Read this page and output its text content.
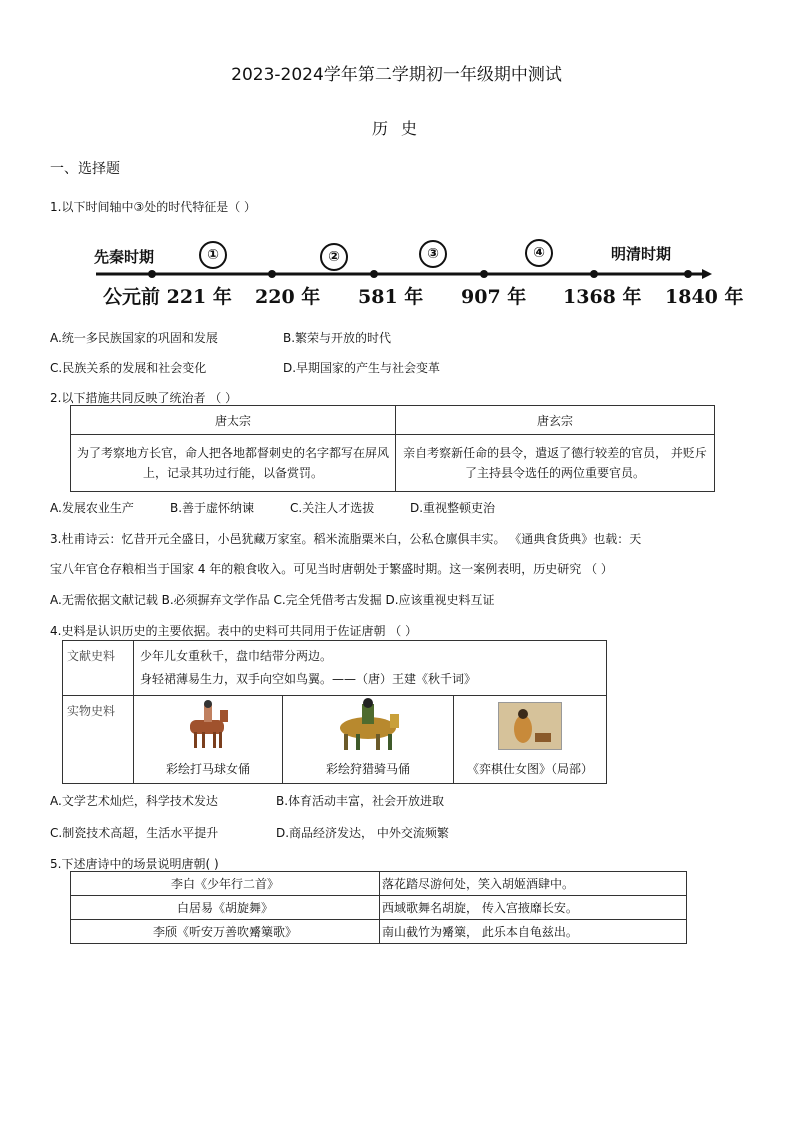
2023-2024学年第二学期初一年级期中测试
历 史
一、选择题
1.以下时间轴中③处的时代特征是（ ）
先秦时期	①	②	③	④	明清时期
公元前 221 年 220 年 581 年 907 年 1368 年 1840 年
A.统一多民族国家的巩固和发展	B.繁荣与开放的时代
C.民族关系的发展和社会变化	D.早期国家的产生与社会变革
2.以下措施共同反映了统治者 （ ）
唐太宗	唐玄宗
为了考察地方长官，命人把各地都督刺史的名字都写在屏风上，记录其功过行能，以备赏罚。	亲自考察新任命的县令，遣返了德行较差的官员， 并贬斥了主持县令选任的两位重要官员。
A.发展农业生产	B.善于虚怀纳谏	C.关注人才选拔	D.重视整顿吏治
3.杜甫诗云：忆昔开元全盛日，小邑犹藏万家室。稻米流脂粟米白，公私仓廪俱丰实。 《通典食货典》也载：天
宝八年官仓存粮相当于国家 4 年的粮食收入。可见当时唐朝处于繁盛时期。这一案例表明，历史研究 （ ）
A.无需依据文献记载 B.必须摒弃文学作品 C.完全凭借考古发掘 D.应该重视史料互证
4.史料是认识历史的主要依据。表中的史料可共同用于佐证唐朝 （ ）
文献史料	少年儿女重秋千，盘巾结带分两边。
身轻裙薄易生力，双手向空如鸟翼。——（唐）王建《秋千词》		

实物史料	彩绘打马球女俑	彩绘狩猎骑马俑	《弈棋仕女图》（局部）
A.文学艺术灿烂，科学技术发达	B.体育活动丰富，社会开放进取
C.制瓷技术高超，生活水平提升	D.商品经济发达， 中外交流频繁
5.下述唐诗中的场景说明唐朝( )
李白《少年行二首》	落花踏尽游何处，笑入胡姬酒肆中。
白居易《胡旋舞》	西域歌舞名胡旋， 传入宫掖靡长安。
李颀《听安万善吹觱篥歌》	南山截竹为觱篥， 此乐本自龟兹出。
